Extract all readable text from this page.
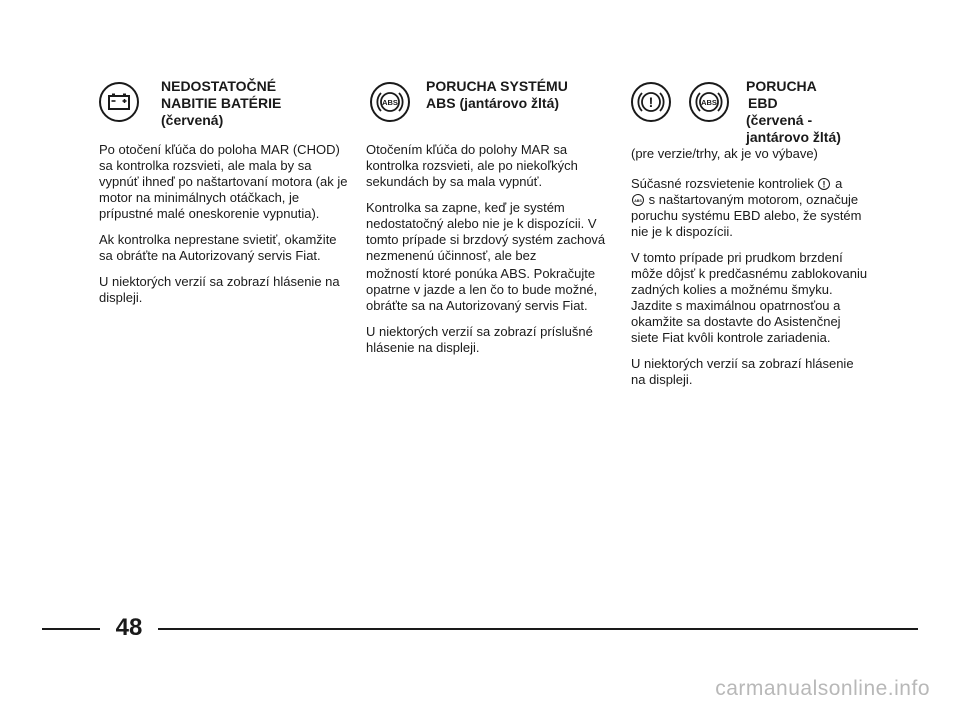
NEDOSTATOČNÉ
NABITIE BATÉRIE
(červená)

Po otočení kľúča do poloha MAR (CHOD) sa kontrolka rozsvieti, ale mala by sa vypnúť ihneď po naštartovaní motora (ak je motor na minimálnych otáčkach, je prípustné malé oneskorenie vypnutia).

Ak kontrolka neprestane svietiť, okamžite sa obráťte na Autorizovaný servis Fiat.

U niektorých verzií sa zobrazí hlásenie na displeji.

ABS
PORUCHA SYSTÉMU
ABS (jantárovo žltá)

Otočením kľúča do polohy MAR sa kontrolka rozsvieti, ale po niekoľkých sekundách by sa mala vypnúť.

Kontrolka sa zapne, keď je systém nedostatočný alebo nie je k dispozícii. V tomto prípade si brzdový systém zachová nezmenenú účinnosť, ale bez

možností ktoré ponúka ABS. Pokračujte opatrne v jazde a len čo to bude možné, obráťte sa na Autorizovaný servis Fiat.

U niektorých verzií sa zobrazí príslušné hlásenie na displeji.

!	ABS
PORUCHA
EBD
(červená -
jantárovo žltá)

(pre verzie/trhy, ak je vo výbave)

Súčasné rozsvietenie kontroliek ! a

ABS s naštartovaným motorom, označuje poruchu systému EBD alebo, že systém nie je k dispozícii.

V tomto prípade pri prudkom brzdení môže dôjsť k predčasnému zablokovaniu zadných kolies a možnému šmyku. Jazdite s maximálnou opatrnosťou a okamžite sa dostavte do Asistenčnej siete Fiat kvôli kontrole zariadenia.

U niektorých verzií sa zobrazí hlásenie na displeji.

48
carmanualsonline.info
